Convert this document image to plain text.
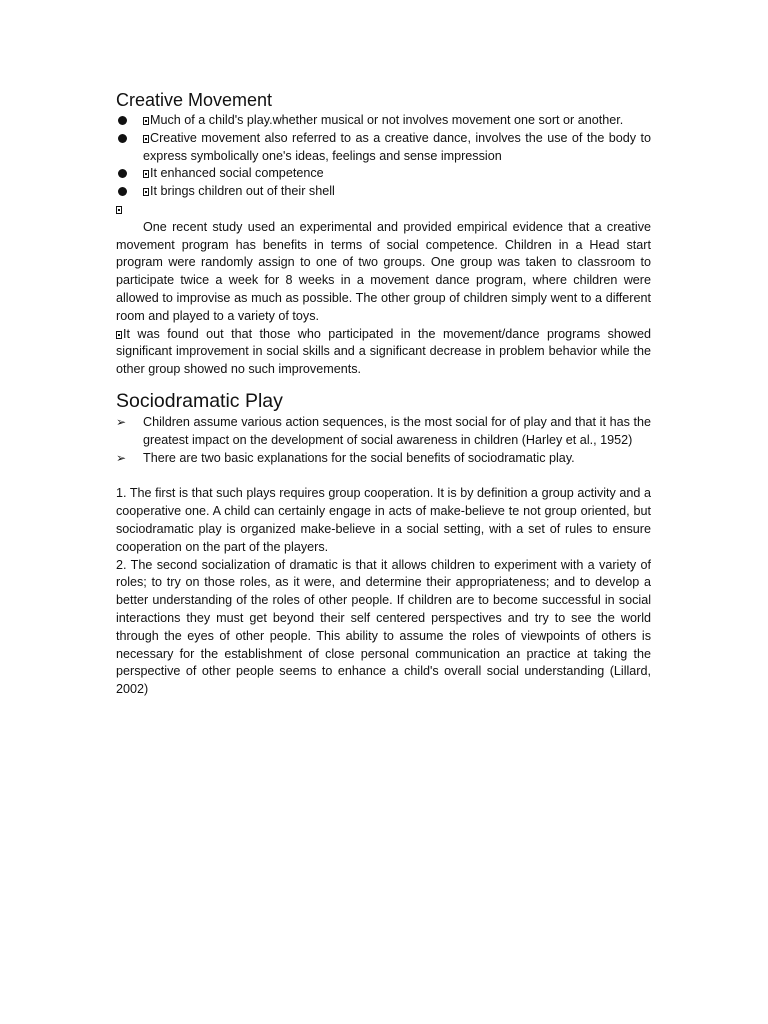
Creative Movement
Much of a child's play.whether musical or not involves movement one sort or another.
Creative movement also referred to as a creative dance, involves the use of the body to express symbolically one's ideas, feelings and sense impression
It enhanced social competence
It brings children out of their shell

One recent study used an experimental and provided empirical evidence that a creative movement program has benefits in terms of social competence. Children in a Head start program were randomly assign to one of two groups. One group was taken to classroom to participate twice a week for 8 weeks in a movement dance program, where children were allowed to improvise as much as possible. The other group of children simply went to a different room and played to a variety of toys.

It was found out that those who participated in the movement/dance programs showed significant improvement in social skills and a significant decrease in problem behavior while the other group showed no such improvements.

Sociodramatic Play
➢ Children assume various action sequences, is the most social for of play and that it has the greatest impact on the development of social awareness in children (Harley et al., 1952)
➢ There are two basic explanations for the social benefits of sociodramatic play.

1. The first is that such plays requires group cooperation. It is by definition a group activity and a cooperative one. A child can certainly engage in acts of make-believe te not group oriented, but sociodramatic play is organized make-believe in a social setting, with a set of rules to ensure cooperation on the part of the players.

2. The second socialization of dramatic is that it allows children to experiment with a variety of roles; to try on those roles, as it were, and determine their appropriateness; and to develop a better understanding of the roles of other people. If children are to become successful in social interactions they must get beyond their self centered perspectives and try to see the world through the eyes of other people. This ability to assume the roles of viewpoints of others is necessary for the establishment of close personal communication an practice at taking the perspective of other people seems to enhance a child's overall social understanding (Lillard, 2002)
